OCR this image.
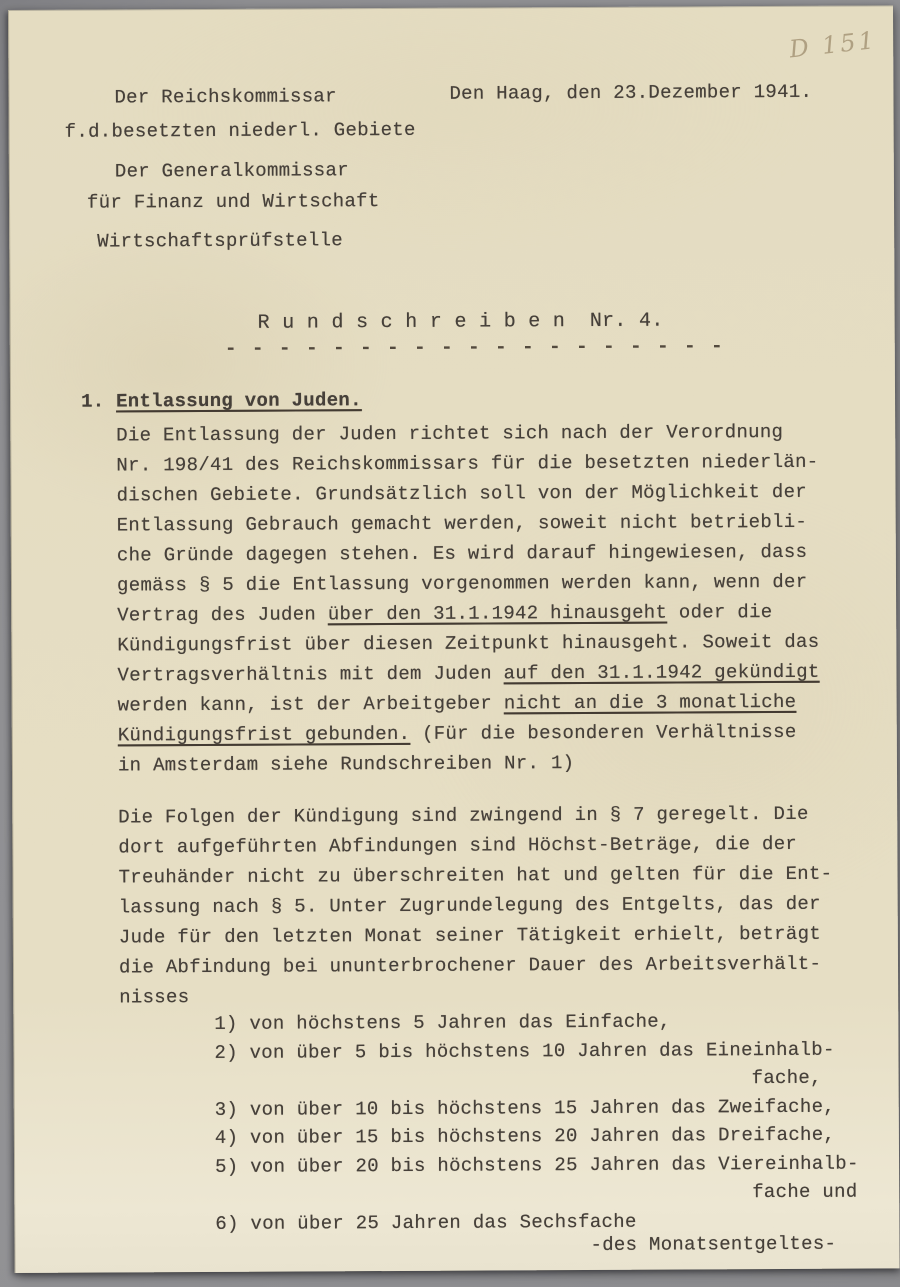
D 151
Der Reichskommissar
f.d.besetzten niederl. Gebiete
Der Generalkommissar
für Finanz und Wirtschaft
Wirtschaftsprüfstelle
Den Haag, den 23.Dezember 1941.
R u n d s c h r e i b e n  Nr. 4.
- - - - - - - - - - - - - - - - - - -
1. Entlassung von Juden.
Die Entlassung der Juden richtet sich nach der Verordnung
Nr. 198/41 des Reichskommissars für die besetzten niederlän-
dischen Gebiete. Grundsätzlich soll von der Möglichkeit der
Entlassung Gebrauch gemacht werden, soweit nicht betriebli-
che Gründe dagegen stehen. Es wird darauf hingewiesen, dass
gemäss § 5 die Entlassung vorgenommen werden kann, wenn der
Vertrag des Juden über den 31.1.1942 hinausgeht oder die
Kündigungsfrist über diesen Zeitpunkt hinausgeht. Soweit das
Vertragsverhältnis mit dem Juden auf den 31.1.1942 gekündigt
werden kann, ist der Arbeitgeber nicht an die 3 monatliche
Kündigungsfrist gebunden. (Für die besonderen Verhältnisse
in Amsterdam siehe Rundschreiben Nr. 1)
Die Folgen der Kündigung sind zwingend in § 7 geregelt. Die
dort aufgeführten Abfindungen sind Höchst-Beträge, die der
Treuhänder nicht zu überschreiten hat und gelten für die Ent-
lassung nach § 5. Unter Zugrundelegung des Entgelts, das der
Jude für den letzten Monat seiner Tätigkeit erhielt, beträgt
die Abfindung bei ununterbrochener Dauer des Arbeitsverhält-
nisses
1) von höchstens 5 Jahren das Einfache,
2) von über 5 bis höchstens 10 Jahren das Eineinhalb-
fache,
3) von über 10 bis höchstens 15 Jahren das Zweifache,
4) von über 15 bis höchstens 20 Jahren das Dreifache,
5) von über 20 bis höchstens 25 Jahren das Viereinhalb-
fache und
6) von über 25 Jahren das Sechsfache
-des Monatsentgeltes-
